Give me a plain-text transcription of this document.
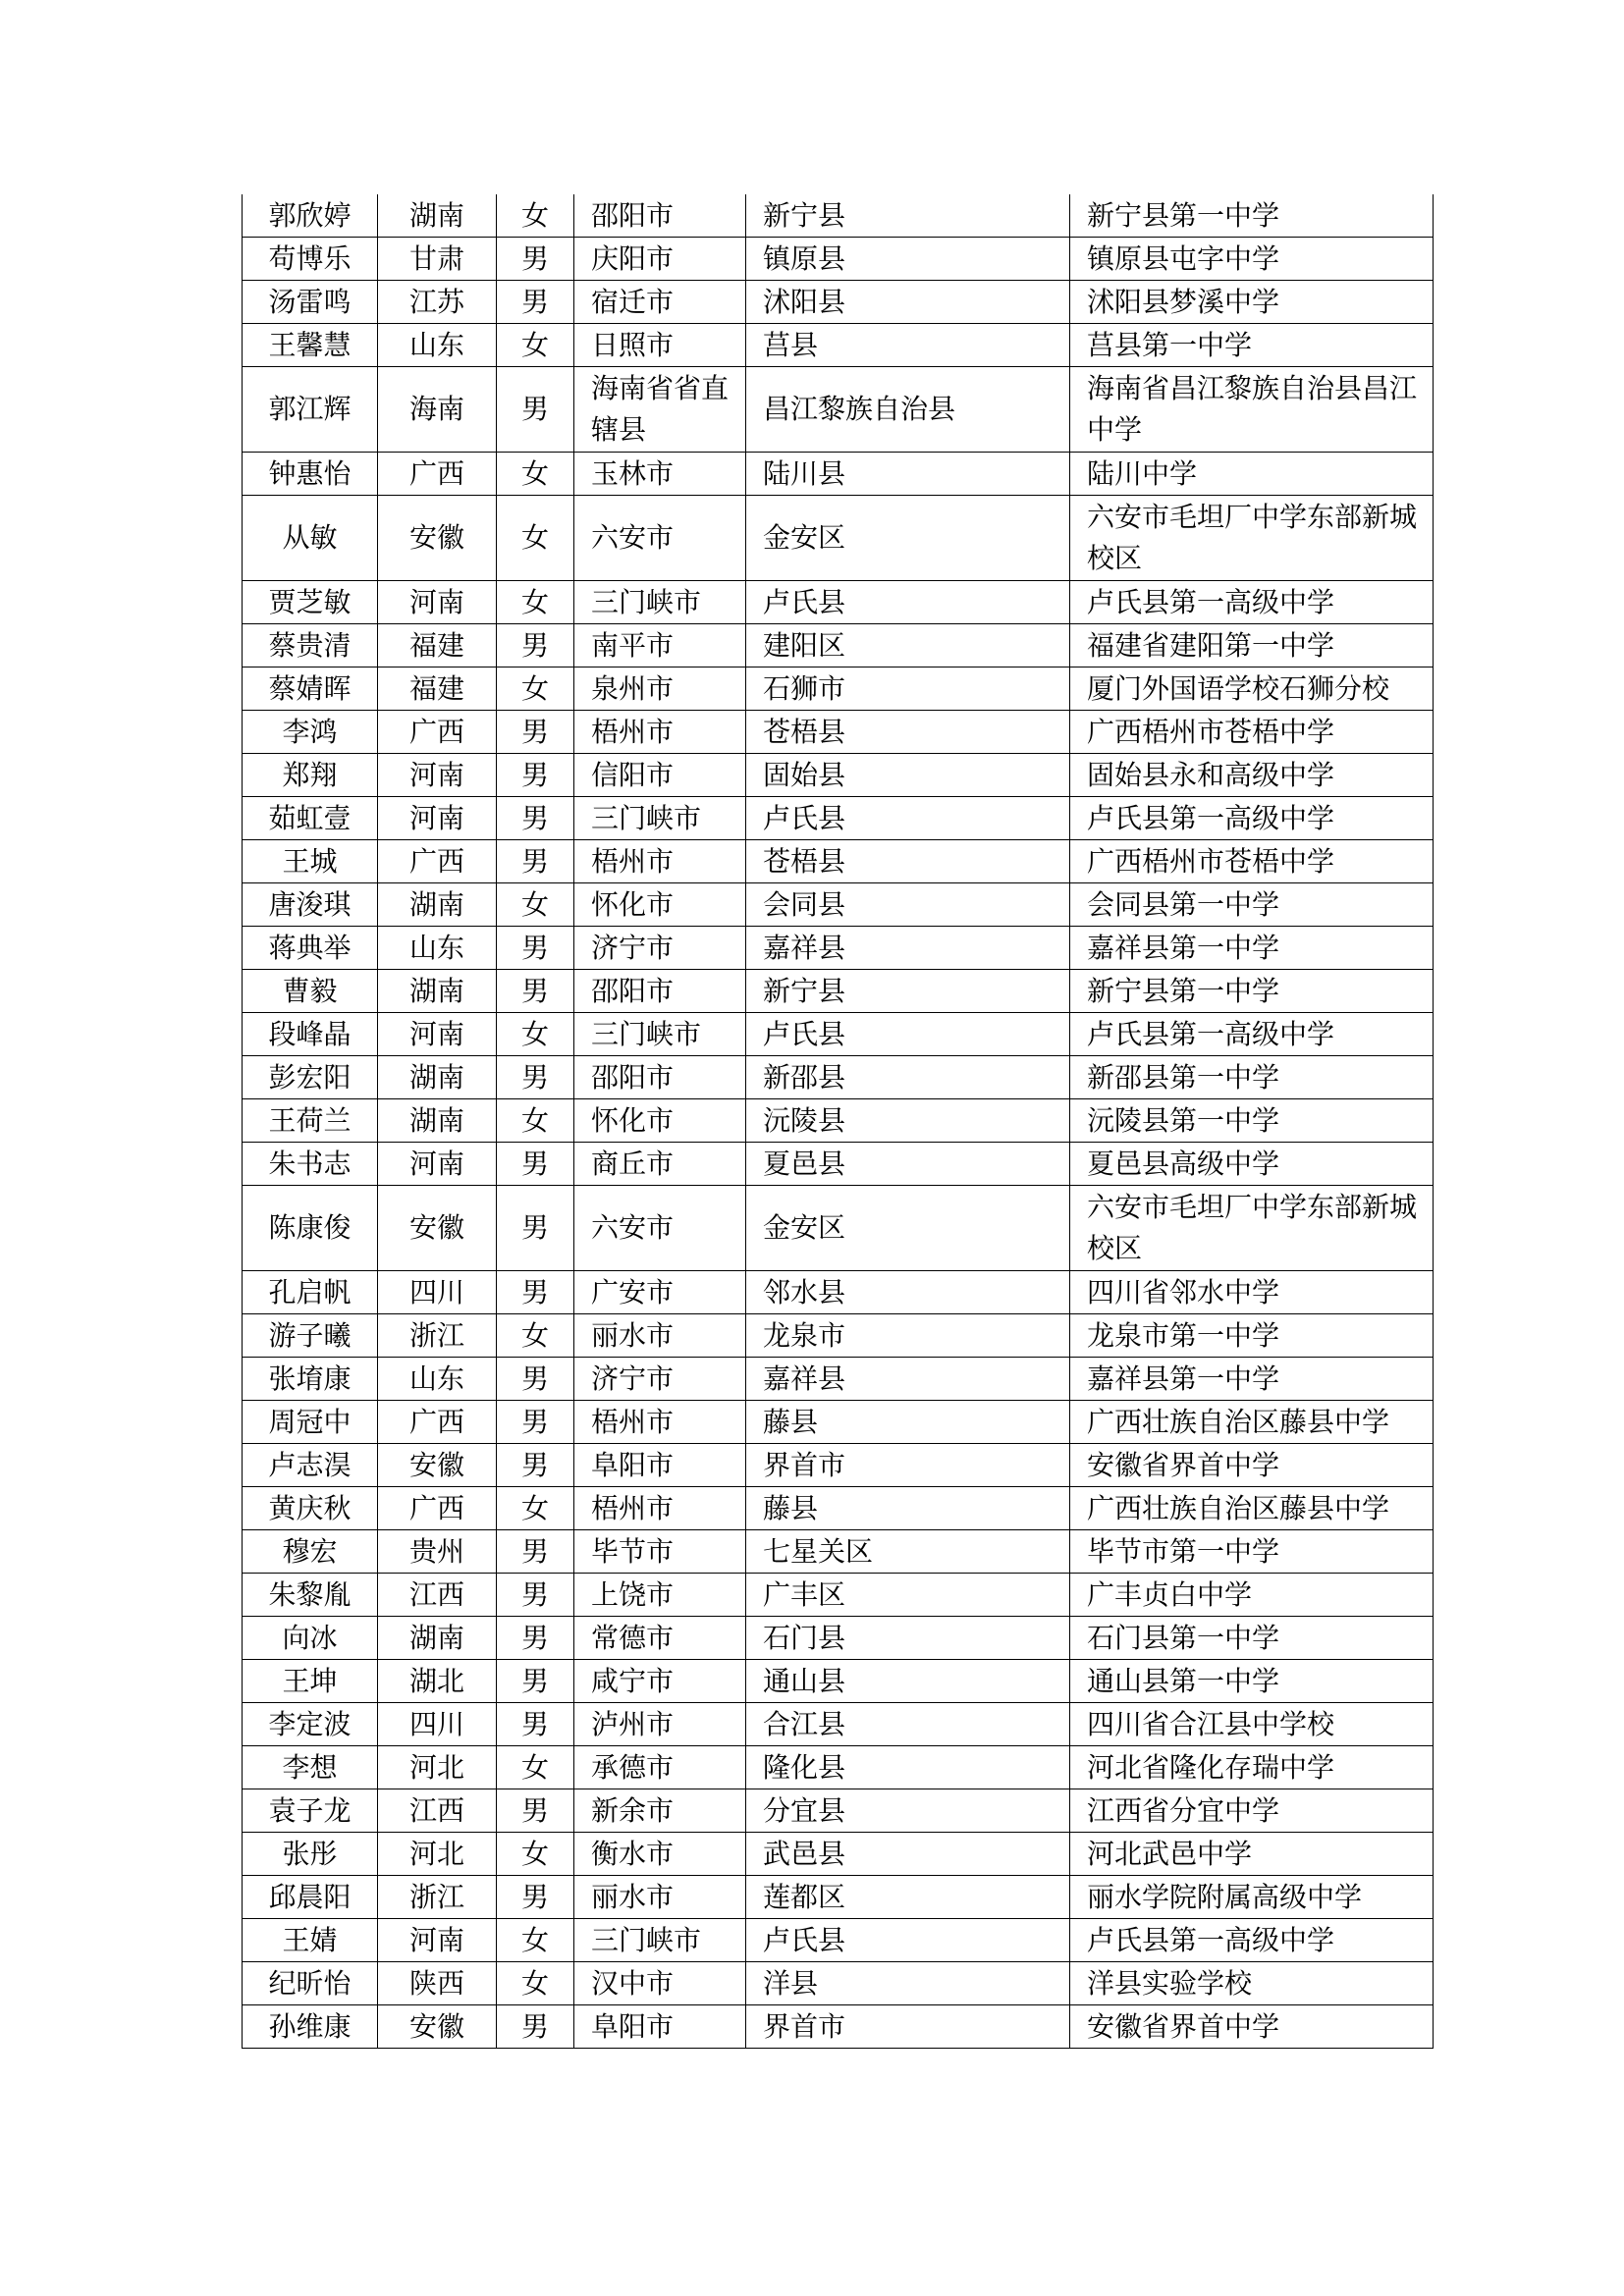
郭欣婷	湖南	女	邵阳市	新宁县	新宁县第一中学
苟博乐	甘肃	男	庆阳市	镇原县	镇原县屯字中学
汤雷鸣	江苏	男	宿迁市	沭阳县	沭阳县梦溪中学
王馨慧	山东	女	日照市	莒县	莒县第一中学
郭江辉	海南	男	海南省省直辖县	昌江黎族自治县	海南省昌江黎族自治县昌江中学
钟惠怡	广西	女	玉林市	陆川县	陆川中学
从敏	安徽	女	六安市	金安区	六安市毛坦厂中学东部新城校区
贾芝敏	河南	女	三门峡市	卢氏县	卢氏县第一高级中学
蔡贵清	福建	男	南平市	建阳区	福建省建阳第一中学
蔡婧晖	福建	女	泉州市	石狮市	厦门外国语学校石狮分校
李鸿	广西	男	梧州市	苍梧县	广西梧州市苍梧中学
郑翔	河南	男	信阳市	固始县	固始县永和高级中学
茹虹壹	河南	男	三门峡市	卢氏县	卢氏县第一高级中学
王城	广西	男	梧州市	苍梧县	广西梧州市苍梧中学
唐浚琪	湖南	女	怀化市	会同县	会同县第一中学
蒋典举	山东	男	济宁市	嘉祥县	嘉祥县第一中学
曹毅	湖南	男	邵阳市	新宁县	新宁县第一中学
段峰晶	河南	女	三门峡市	卢氏县	卢氏县第一高级中学
彭宏阳	湖南	男	邵阳市	新邵县	新邵县第一中学
王荷兰	湖南	女	怀化市	沅陵县	沅陵县第一中学
朱书志	河南	男	商丘市	夏邑县	夏邑县高级中学
陈康俊	安徽	男	六安市	金安区	六安市毛坦厂中学东部新城校区
孔启帆	四川	男	广安市	邻水县	四川省邻水中学
游子曦	浙江	女	丽水市	龙泉市	龙泉市第一中学
张堉康	山东	男	济宁市	嘉祥县	嘉祥县第一中学
周冠中	广西	男	梧州市	藤县	广西壮族自治区藤县中学
卢志淏	安徽	男	阜阳市	界首市	安徽省界首中学
黄庆秋	广西	女	梧州市	藤县	广西壮族自治区藤县中学
穆宏	贵州	男	毕节市	七星关区	毕节市第一中学
朱黎胤	江西	男	上饶市	广丰区	广丰贞白中学
向冰	湖南	男	常德市	石门县	石门县第一中学
王坤	湖北	男	咸宁市	通山县	通山县第一中学
李定波	四川	男	泸州市	合江县	四川省合江县中学校
李想	河北	女	承德市	隆化县	河北省隆化存瑞中学
袁子龙	江西	男	新余市	分宜县	江西省分宜中学
张彤	河北	女	衡水市	武邑县	河北武邑中学
邱晨阳	浙江	男	丽水市	莲都区	丽水学院附属高级中学
王婧	河南	女	三门峡市	卢氏县	卢氏县第一高级中学
纪昕怡	陕西	女	汉中市	洋县	洋县实验学校
孙维康	安徽	男	阜阳市	界首市	安徽省界首中学
